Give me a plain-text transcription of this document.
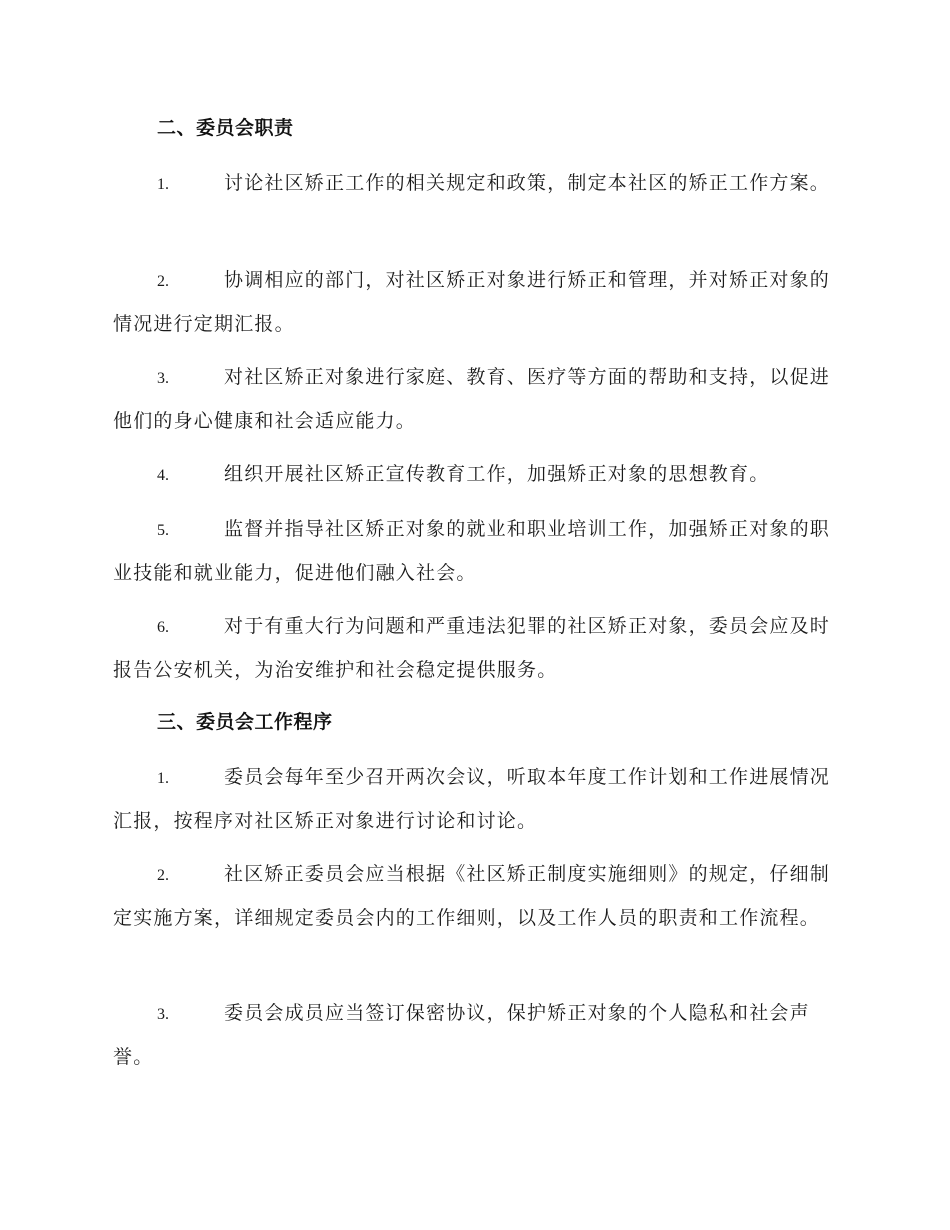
二、委员会职责
1.	讨论社区矫正工作的相关规定和政策，制定本社区的矫正工作方案。
2.	协调相应的部门，对社区矫正对象进行矫正和管理，并对矫正对象的情况进行定期汇报。
3.	对社区矫正对象进行家庭、教育、医疗等方面的帮助和支持，以促进他们的身心健康和社会适应能力。
4.	组织开展社区矫正宣传教育工作，加强矫正对象的思想教育。
5.	监督并指导社区矫正对象的就业和职业培训工作，加强矫正对象的职业技能和就业能力，促进他们融入社会。
6.	对于有重大行为问题和严重违法犯罪的社区矫正对象，委员会应及时报告公安机关，为治安维护和社会稳定提供服务。
三、委员会工作程序
1.	委员会每年至少召开两次会议，听取本年度工作计划和工作进展情况汇报，按程序对社区矫正对象进行讨论和讨论。
2.	社区矫正委员会应当根据《社区矫正制度实施细则》的规定，仔细制定实施方案，详细规定委员会内的工作细则，以及工作人员的职责和工作流程。
3.	委员会成员应当签订保密协议，保护矫正对象的个人隐私和社会声誉。
